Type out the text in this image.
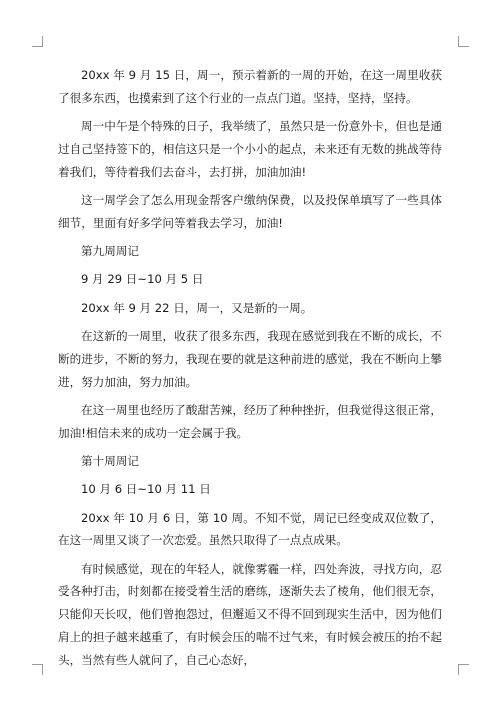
20xx 年 9 月 15 日，周一，预示着新的一周的开始，在这一周里收获了很多东西，也摸索到了这个行业的一点点门道。坚持，坚持，坚持。

周一中午是个特殊的日子，我举绩了，虽然只是一份意外卡，但也是通过自己坚持签下的，相信这只是一个小小的起点，未来还有无数的挑战等待着我们，等待着我们去奋斗，去打拼，加油加油!

这一周学会了怎么用现金帮客户缴纳保费，以及投保单填写了一些具体细节，里面有好多学问等着我去学习，加油!

第九周周记

9 月 29 日~10 月 5 日

20xx 年 9 月 22 日，周一，又是新的一周。

在这新的一周里，收获了很多东西，我现在感觉到我在不断的成长，不断的进步，不断的努力，我现在要的就是这种前进的感觉，我在不断向上攀进，努力加油，努力加油。

在这一周里也经历了酸甜苦辣，经历了种种挫折，但我觉得这很正常，加油!相信未来的成功一定会属于我。

第十周周记

10 月 6 日~10 月 11 日

20xx 年 10 月 6 日，第 10 周。不知不觉，周记已经变成双位数了，在这一周里又谈了一次恋爱。虽然只取得了一点点成果。

有时候感觉，现在的年轻人，就像雾霾一样，四处奔波，寻找方向，忍受各种打击，时刻都在接受着生活的磨练，逐渐失去了棱角，他们很无奈，只能仰天长叹，他们曾抱怨过，但邂逅又不得不回到现实生活中，因为他们肩上的担子越来越重了，有时候会压的喘不过气来，有时候会被压的抬不起头，当然有些人就问了，自己心态好，
